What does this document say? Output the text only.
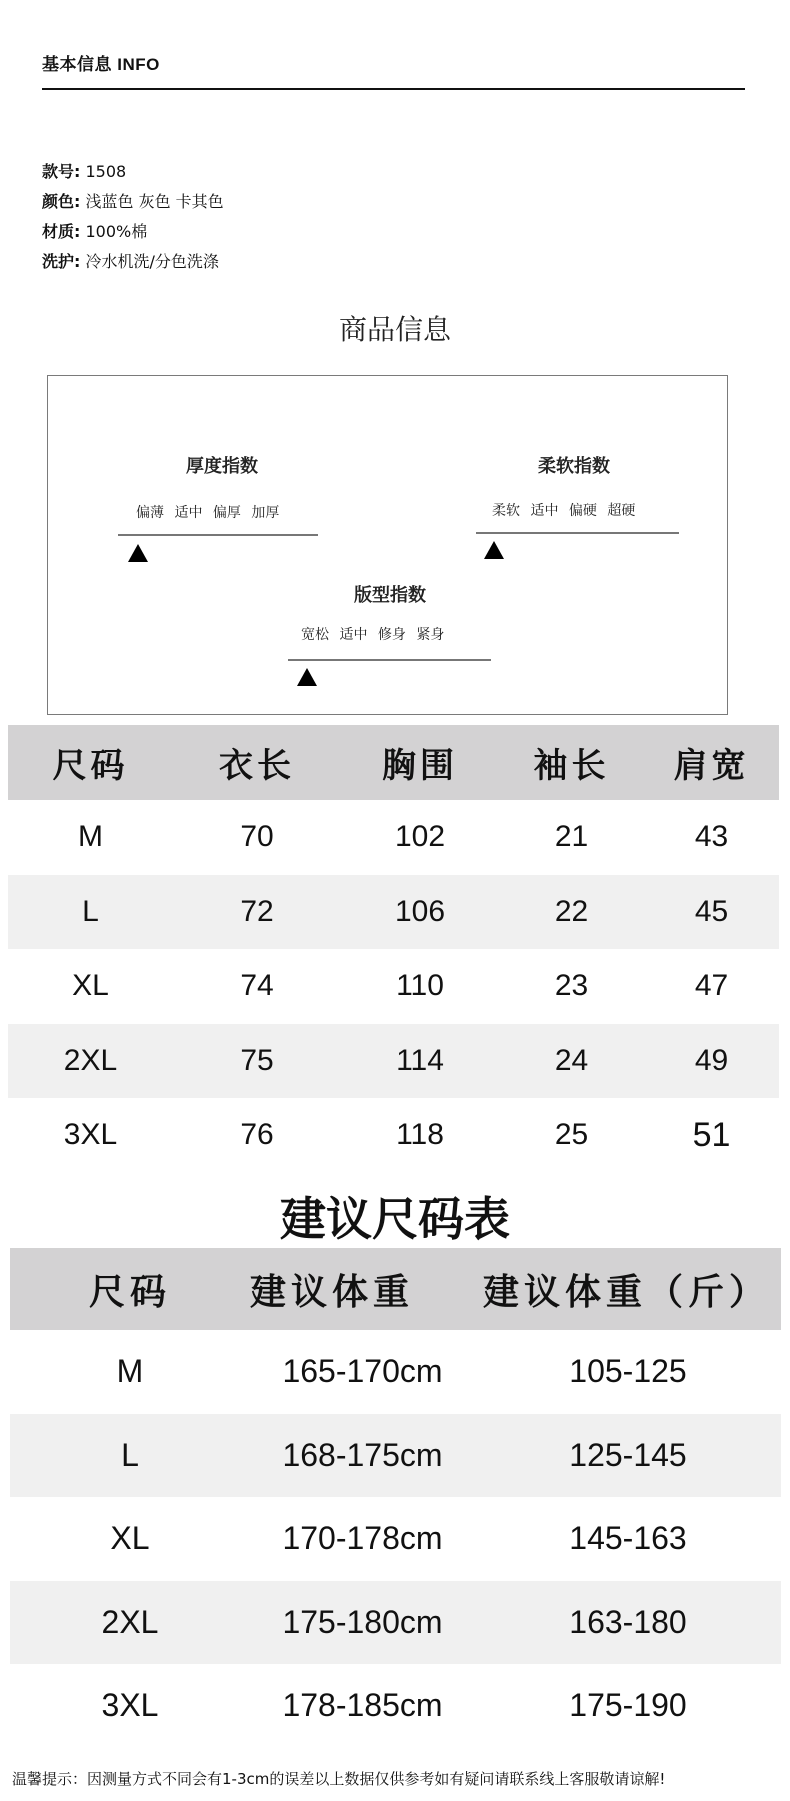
基本信息 INFO
款号: 1508
颜色: 浅蓝色 灰色 卡其色
材质: 100%棉
洗护: 冷水机洗/分色洗涤
商品信息
厚度指数
偏薄 适中 偏厚 加厚
柔软指数
柔软 适中 偏硬 超硬
版型指数
宽松 适中 修身 紧身
尺码	衣长	胸围	袖长	肩宽
M	70	102	21	43
L	72	106	22	45
XL	74	110	23	47
2XL	75	114	24	49
3XL	76	118	25	51
建议尺码表
尺码	建议体重	建议体重（斤）
M	165-170cm	105-125
L	168-175cm	125-145
XL	170-178cm	145-163
2XL	175-180cm	163-180
3XL	178-185cm	175-190
温馨提示：因测量方式不同会有1-3cm的误差以上数据仅供参考如有疑问请联系线上客服敬请谅解!
